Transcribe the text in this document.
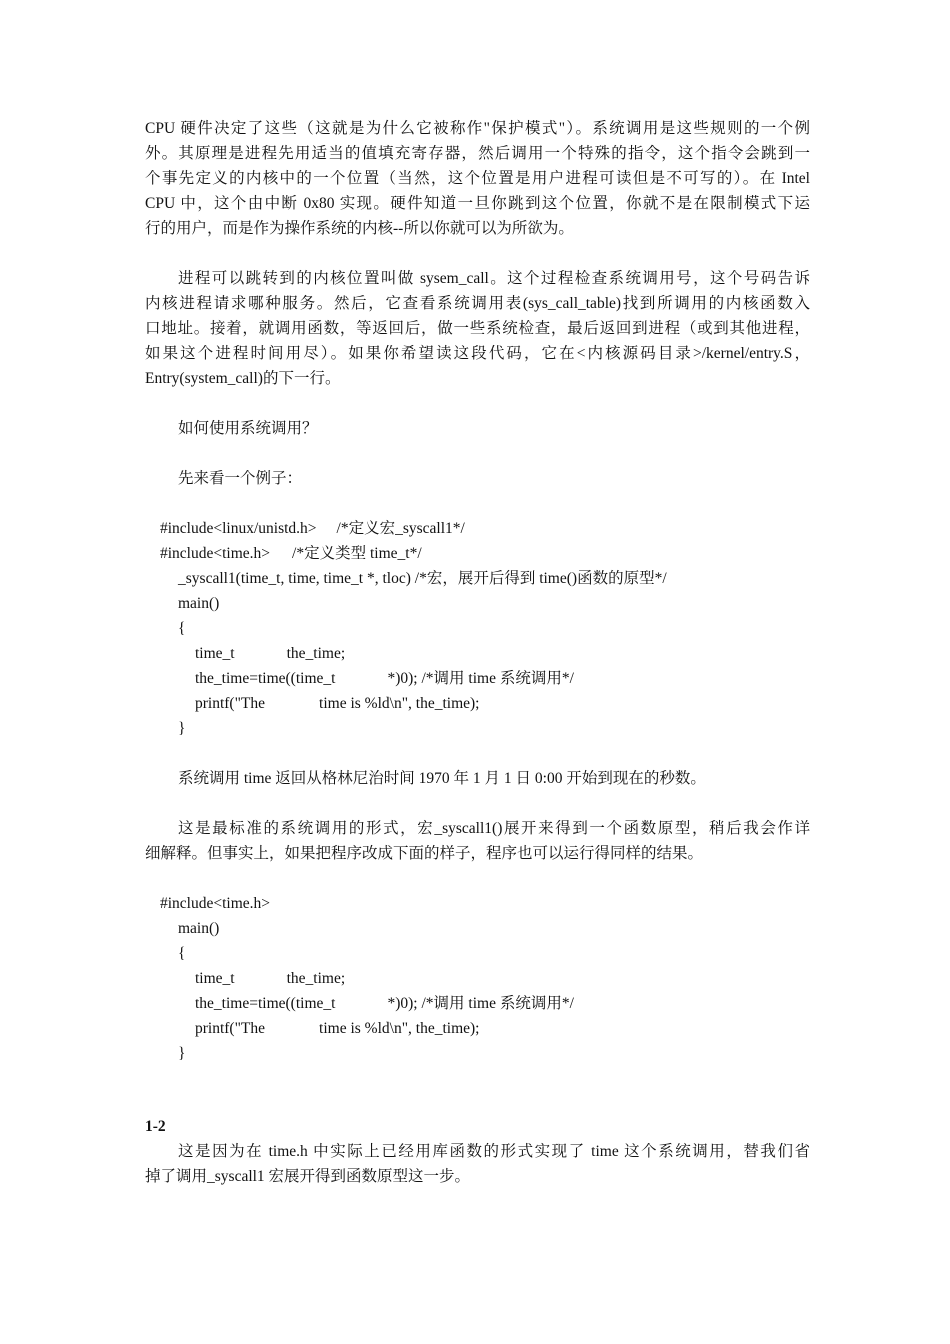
CPU 硬件决定了这些（这就是为什么它被称作"保护模式"）。系统调用是这些规则的一个例
外。其原理是进程先用适当的值填充寄存器，然后调用一个特殊的指令，这个指令会跳到一
个事先定义的内核中的一个位置（当然，这个位置是用户进程可读但是不可写的）。在 Intel
CPU 中，这个由中断 0x80 实现。硬件知道一旦你跳到这个位置，你就不是在限制模式下运
行的用户，而是作为操作系统的内核--所以你就可以为所欲为。
进程可以跳转到的内核位置叫做 sysem_call。这个过程检查系统调用号，这个号码告诉
内核进程请求哪种服务。然后，它查看系统调用表(sys_call_table)找到所调用的内核函数入
口地址。接着，就调用函数，等返回后，做一些系统检查，最后返回到进程（或到其他进程，
如果这个进程时间用尽）。如果你希望读这段代码，它在<内核源码目录>/kernel/entry.S，
Entry(system_call)的下一行。
如何使用系统调用？
先来看一个例子：
#include<linux/unistd.h> /*定义宏_syscall1*/
#include<time.h> /*定义类型 time_t*/
_syscall1(time_t, time, time_t *, tloc) /*宏，展开后得到 time()函数的原型*/
main()
{
time_t	the_time;
the_time=time((time_t	*)0); /*调用 time 系统调用*/
printf("The	time is %ld\n", the_time);
}
系统调用 time 返回从格林尼治时间 1970 年 1 月 1 日 0:00 开始到现在的秒数。
这是最标准的系统调用的形式，宏_syscall1()展开来得到一个函数原型，稍后我会作详
细解释。但事实上，如果把程序改成下面的样子，程序也可以运行得同样的结果。
#include<time.h>
main()
{
time_t	the_time;
the_time=time((time_t	*)0); /*调用 time 系统调用*/
printf("The	time is %ld\n", the_time);
}
1-2
这是因为在 time.h 中实际上已经用库函数的形式实现了 time 这个系统调用，替我们省
掉了调用_syscall1 宏展开得到函数原型这一步。
